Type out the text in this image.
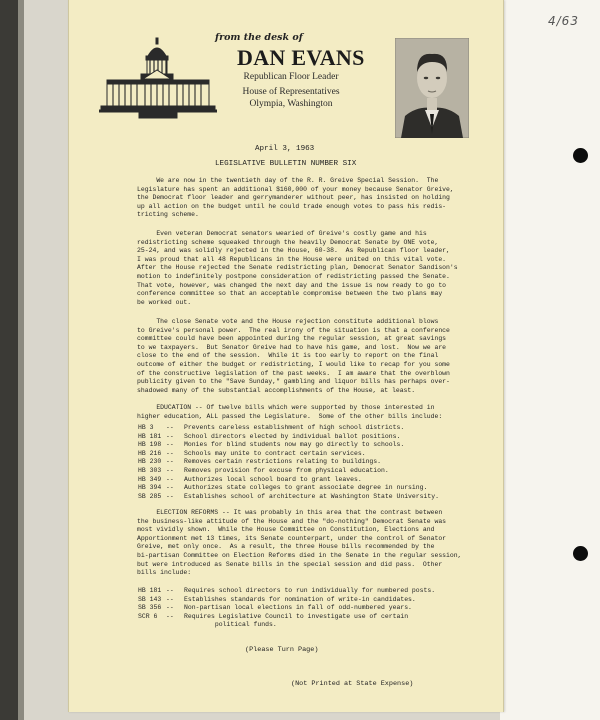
4/63
from the desk of
DAN EVANS
Republican Floor Leader
House of Representatives
Olympia, Washington
April 3, 1963
LEGISLATIVE BULLETIN NUMBER SIX
We are now in the twentieth day of the R. R. Greive Special Session.  The
Legislature has spent an additional $160,000 of your money because Senator Greive,
the Democrat floor leader and gerrymanderer without peer, has insisted on holding
up all action on the budget until he could trade enough votes to pass his redis-
tricting scheme.
Even veteran Democrat senators wearied of Greive's costly game and his
redistricting scheme squeaked through the heavily Democrat Senate by ONE vote,
25-24, and was solidly rejected in the House, 60-38.  As Republican floor leader,
I was proud that all 48 Republicans in the House were united on this vital vote.
After the House rejected the Senate redistricting plan, Democrat Senator Sandison's
motion to indefinitely postpone consideration of redistricting passed the Senate.
That vote, however, was changed the next day and the issue is now ready to go to
conference committee so that an acceptable compromise between the two plans may
be worked out.
The close Senate vote and the House rejection constitute additional blows
to Greive's personal power.  The real irony of the situation is that a conference
committee could have been appointed during the regular session, at great savings
to we taxpayers.  But Senator Greive had to have his game, and lost.  Now we are
close to the end of the session.  While it is too early to report on the final
outcome of either the budget or redistricting, I would like to recap for you some
of the constructive legislation of the past weeks.  I am aware that the overblown
publicity given to the "Save Sunday," gambling and liquor bills has perhaps over-
shadowed many of the substantial accomplishments of the House, at least.
EDUCATION -- Of twelve bills which were supported by those interested in
higher education, ALL passed the Legislature.  Some of the other bills include:
HB 3	--	Prevents careless establishment of high school districts.
HB 181 --	School directors elected by individual ballot positions.
HB 198 --	Monies for blind students now may go directly to schools.
HB 216 --	Schools may unite to contract certain services.
HB 230 --	Removes certain restrictions relating to buildings.
HB 303 --	Removes provision for excuse from physical education.
HB 349 --	Authorizes local school board to grant leaves.
HB 394 --	Authorizes state colleges to grant associate degree in nursing.
SB 285 --	Establishes school of architecture at Washington State University.
ELECTION REFORMS -- It was probably in this area that the contrast between
the business-like attitude of the House and the "do-nothing" Democrat Senate was
most vividly shown.  While the House Committee on Constitution, Elections and
Apportionment met 13 times, its Senate counterpart, under the control of Senator
Greive, met only once.  As a result, the three House bills recommended by the
bi-partisan Committee on Election Reforms died in the Senate in the regular session,
but were introduced as Senate bills in the special session and did pass.  Other
bills include:
HB 181 --	Requires school directors to run individually for numbered posts.
SB 143 --	Establishes standards for nomination of write-in candidates.
SB 356 --	Non-partisan local elections in fall of odd-numbered years.
SCR 6	--	Requires Legislative Council to investigate use of certain
political funds.
(Please Turn Page)
(Not Printed at State Expense)
